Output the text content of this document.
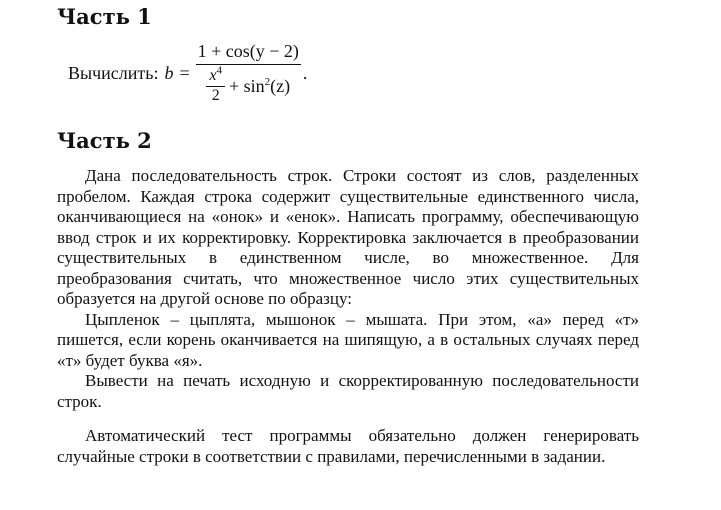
Часть 1
Вычислить: $b = \frac{1 + \cos(y - 2)}{\frac{x^4}{2} + \sin^2(z)}$ .
Часть 2

Дана последовательность строк. Строки состоят из слов, разделенных пробелом. Каждая строка содержит существительные единственного числа, оканчивающиеся на «онок» и «енок». Написать программу, обеспечивающую ввод строк и их корректировку. Корректировка заключается в преобразовании существительных в единственном числе, во множественное. Для преобразования считать, что множественное число этих существительных образуется на другой основе по образцу:

Цыпленок – цыплята, мышонок – мышата. При этом, «а» перед «т» пишется, если корень оканчивается на шипящую, а в остальных случаях перед «т» будет буква «я».

Вывести на печать исходную и скорректированную последовательности строк.

Автоматический тест программы обязательно должен генерировать случайные строки в соответствии с правилами, перечисленными в задании.
